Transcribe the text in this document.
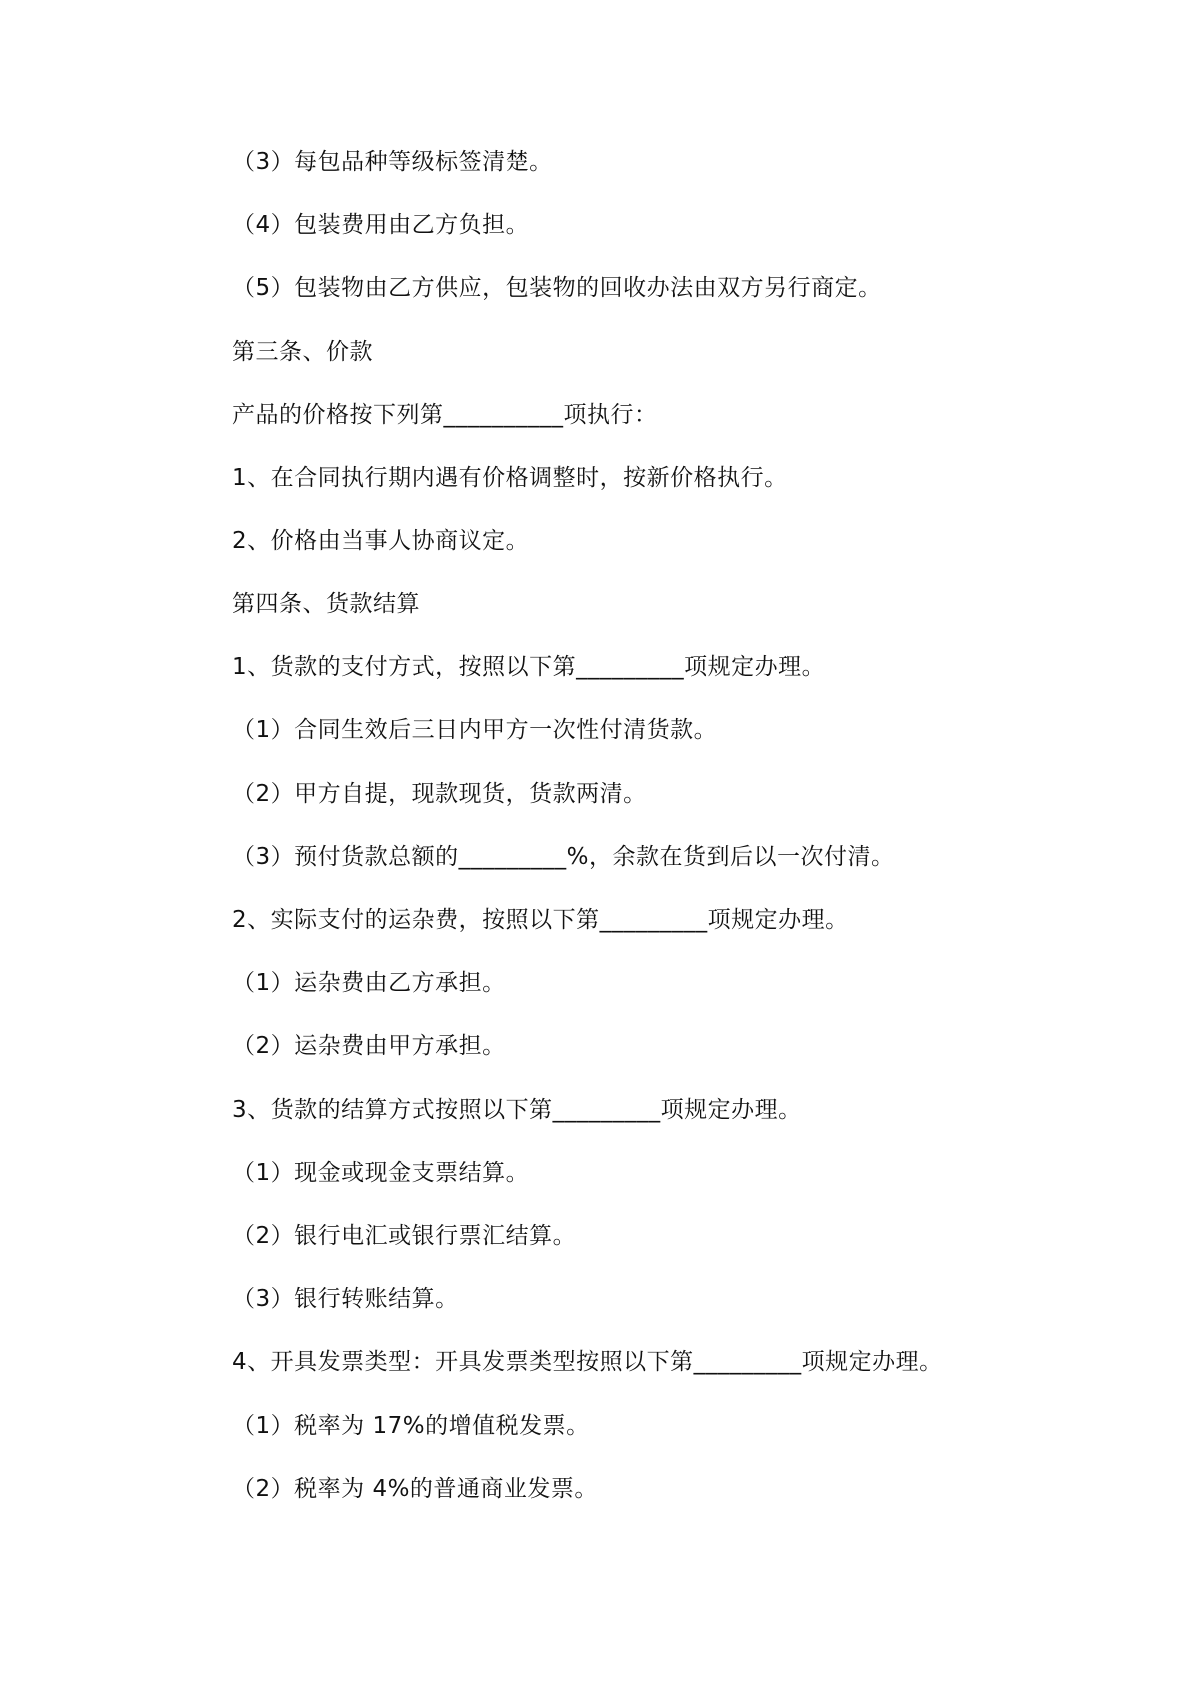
（3）每包品种等级标签清楚。
（4）包装费用由乙方负担。
（5）包装物由乙方供应，包装物的回收办法由双方另行商定。
第三条、价款
产品的价格按下列第__________项执行：
1、在合同执行期内遇有价格调整时，按新价格执行。
2、价格由当事人协商议定。
第四条、货款结算
1、货款的支付方式，按照以下第_________项规定办理。
（1）合同生效后三日内甲方一次性付清货款。
（2）甲方自提，现款现货，货款两清。
（3）预付货款总额的_________%，余款在货到后以一次付清。
2、实际支付的运杂费，按照以下第_________项规定办理。
（1）运杂费由乙方承担。
（2）运杂费由甲方承担。
3、货款的结算方式按照以下第_________项规定办理。
（1）现金或现金支票结算。
（2）银行电汇或银行票汇结算。
（3）银行转账结算。
4、开具发票类型：开具发票类型按照以下第_________项规定办理。
（1）税率为 17%的增值税发票。
（2）税率为 4%的普通商业发票。
